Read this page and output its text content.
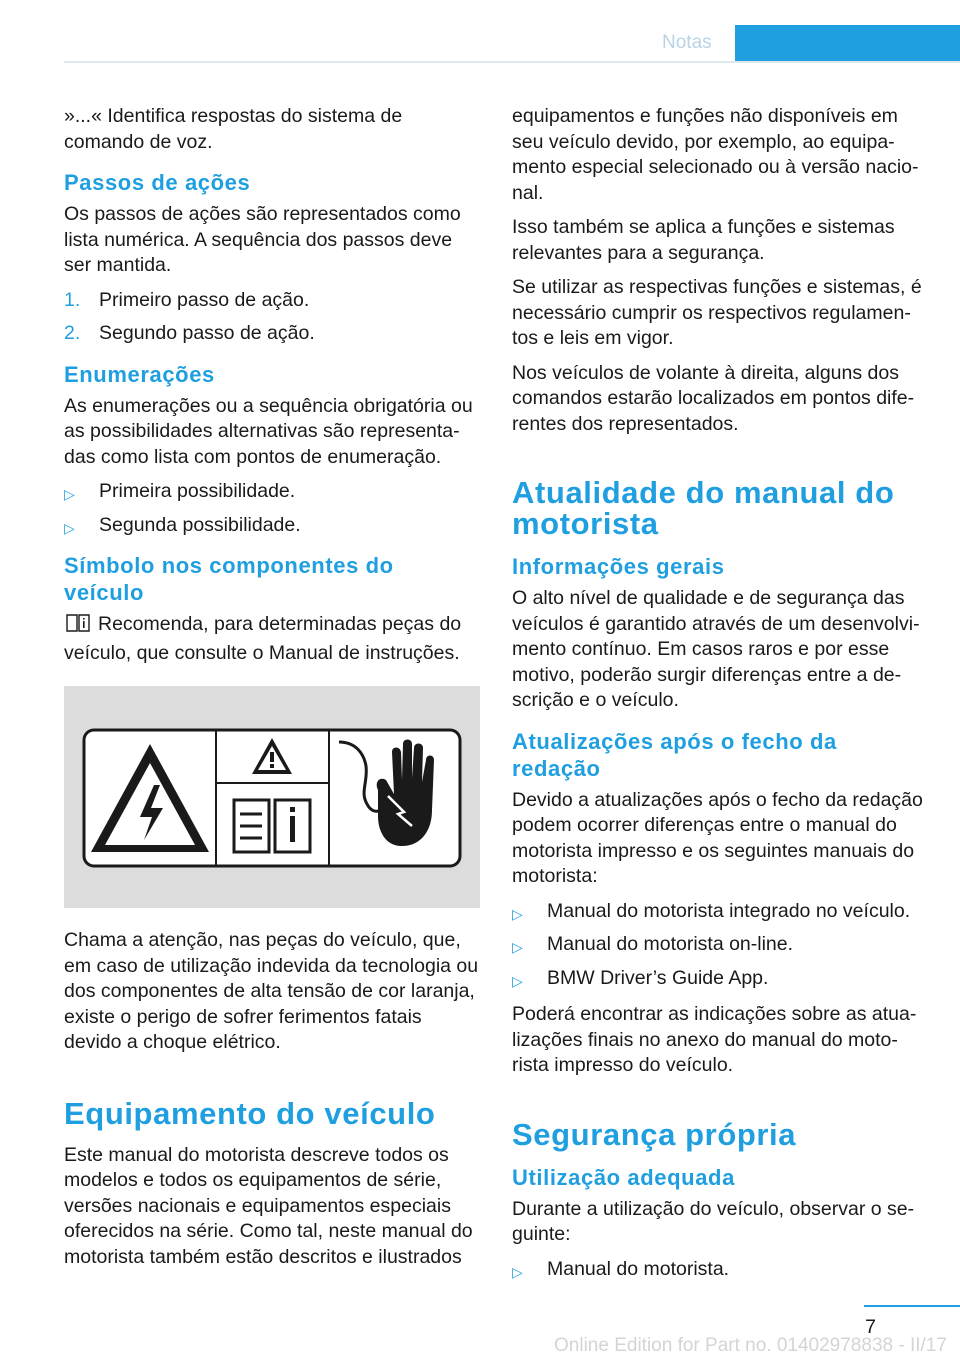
Notas

»...« Identifica respostas do sistema de comando de voz.

Passos de ações

Os passos de ações são representados como lista numérica. A sequência dos passos deve ser mantida.

1. Primeiro passo de ação.
2. Segundo passo de ação.
Enumerações

As enumerações ou a sequência obrigatória ou as possibilidades alternativas são representadas como lista com pontos de enumeração.

▷ Primeira possibilidade.
▷ Segunda possibilidade.
Símbolo nos componentes do veículo

Recomenda, para determinadas peças do veículo, que consulte o Manual de instruções.

Chama a atenção, nas peças do veículo, que, em caso de utilização indevida da tecnologia ou dos componentes de alta tensão de cor laranja, existe o perigo de sofrer ferimentos fatais devido a choque elétrico.

Equipamento do veículo

Este manual do motorista descreve todos os modelos e todos os equipamentos de série, versões nacionais e equipamentos especiais oferecidos na série. Como tal, neste manual do motorista também estão descritos e ilustrados

equipamentos e funções não disponíveis em seu veículo devido, por exemplo, ao equipamento especial selecionado ou à versão nacional.

Isso também se aplica a funções e sistemas relevantes para a segurança.

Se utilizar as respectivas funções e sistemas, é necessário cumprir os respectivos regulamentos e leis em vigor.

Nos veículos de volante à direita, alguns dos comandos estarão localizados em pontos diferentes dos representados.

Atualidade do manual do motorista
Informações gerais

O alto nível de qualidade e de segurança das veículos é garantido através de um desenvolvimento contínuo. Em casos raros e por esse motivo, poderão surgir diferenças entre a descrição e o veículo.

Atualizações após o fecho da redação

Devido a atualizações após o fecho da redação podem ocorrer diferenças entre o manual do motorista impresso e os seguintes manuais do motorista:

▷ Manual do motorista integrado no veículo.
▷ Manual do motorista on-line.
▷ BMW Driver’s Guide App.

Poderá encontrar as indicações sobre as atualizações finais no anexo do manual do motorista impresso do veículo.

Segurança própria
Utilização adequada

Durante a utilização do veículo, observar o seguinte:

▷ Manual do motorista.
7
Online Edition for Part no. 01402978838 - II/17
